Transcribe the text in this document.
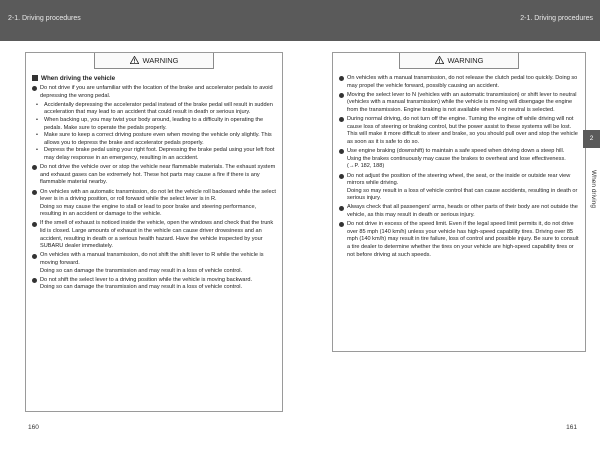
2-1. Driving procedures	2-1. Driving procedures
WARNING
When driving the vehicle
Do not drive if you are unfamiliar with the location of the brake and accelerator pedals to avoid depressing the wrong pedal.
• Accidentally depressing the accelerator pedal instead of the brake pedal will result in sudden acceleration that may lead to an accident that could result in death or serious injury.
• When backing up, you may twist your body around, leading to a difficulty in operating the pedals. Make sure to operate the pedals properly.
• Make sure to keep a correct driving posture even when moving the vehicle only slightly. This allows you to depress the brake and accelerator pedals properly.
• Depress the brake pedal using your right foot. Depressing the brake pedal using your left foot may delay response in an emergency, resulting in an accident.
Do not drive the vehicle over or stop the vehicle near flammable materials. The exhaust system and exhaust gases can be extremely hot. These hot parts may cause a fire if there is any flammable material nearby.
On vehicles with an automatic transmission, do not let the vehicle roll backward while the select lever is in a driving position, or roll forward while the select lever is in R.
Doing so may cause the engine to stall or lead to poor brake and steering performance, resulting in an accident or damage to the vehicle.
If the smell of exhaust is noticed inside the vehicle, open the windows and check that the trunk lid is closed. Large amounts of exhaust in the vehicle can cause driver drowsiness and an accident, resulting in death or a serious health hazard. Have the vehicle inspected by your SUBARU dealer immediately.
On vehicles with a manual transmission, do not shift the shift lever to R while the vehicle is moving forward.
Doing so can damage the transmission and may result in a loss of vehicle control.
Do not shift the select lever to a driving position while the vehicle is moving backward.
Doing so can damage the transmission and may result in a loss of vehicle control.
WARNING
On vehicles with a manual transmission, do not release the clutch pedal too quickly. Doing so may propel the vehicle forward, possibly causing an accident.
Moving the select lever to N (vehicles with an automatic transmission) or shift lever to neutral (vehicles with a manual transmission) while the vehicle is moving will disengage the engine from the transmission. Engine braking is not available when N or neutral is selected.
During normal driving, do not turn off the engine. Turning the engine off while driving will not cause loss of steering or braking control, but the power assist to these systems will be lost. This will make it more difficult to steer and brake, so you should pull over and stop the vehicle as soon as it is safe to do so.
Use engine braking (downshift) to maintain a safe speed when driving down a steep hill.
Using the brakes continuously may cause the brakes to overheat and lose effectiveness. (→P. 182, 188)
Do not adjust the position of the steering wheel, the seat, or the inside or outside rear view mirrors while driving.
Doing so may result in a loss of vehicle control that can cause accidents, resulting in death or serious injury.
Always check that all passengers' arms, heads or other parts of their body are not outside the vehicle, as this may result in death or serious injury.
Do not drive in excess of the speed limit. Even if the legal speed limit permits it, do not drive over 85 mph (140 km/h) unless your vehicle has high-speed capability tires. Driving over 85 mph (140 km/h) may result in tire failure, loss of control and possible injury. Be sure to consult a tire dealer to determine whether the tires on your vehicle are high-speed capability tires or not before driving at such speeds.
2
When driving
160	161
